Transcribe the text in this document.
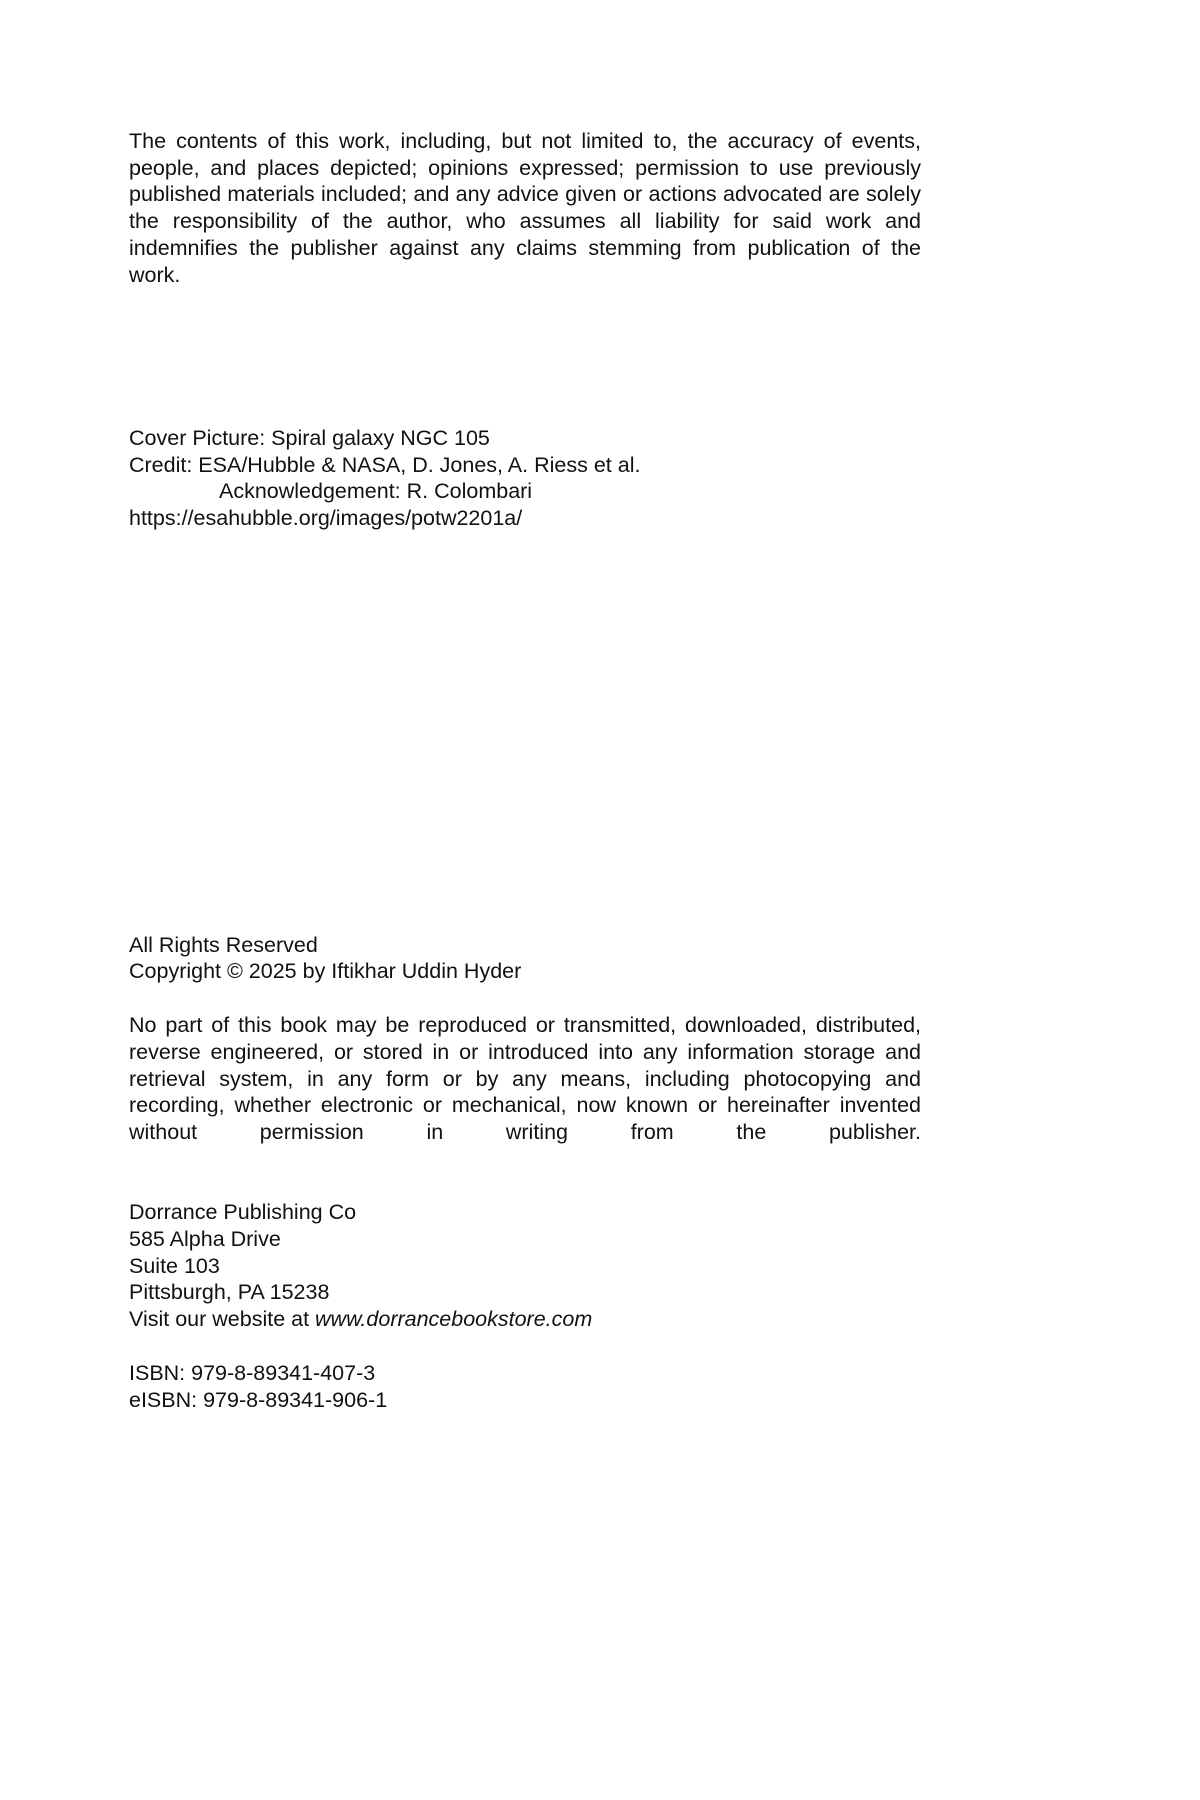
The contents of this work, including, but not limited to, the accuracy of events, people, and places depicted; opinions expressed; permission to use previously published materials included; and any advice given or actions advocated are solely the responsibility of the author, who assumes all liability for said work and indemnifies the publisher against any claims stemming from publication of the work.

Cover Picture: Spiral galaxy NGC 105

Credit: ESA/Hubble & NASA, D. Jones, A. Riess et al.

Acknowledgement: R. Colombari

https://esahubble.org/images/potw2201a/

All Rights Reserved

Copyright © 2025 by Iftikhar Uddin Hyder

No part of this book may be reproduced or transmitted, downloaded, distributed, reverse engineered, or stored in or introduced into any information storage and retrieval system, in any form or by any means, including photocopying and recording, whether electronic or mechanical, now known or hereinafter invented without permission in writing from the publisher.

Dorrance Publishing Co

585 Alpha Drive

Suite 103

Pittsburgh, PA 15238

Visit our website at www.dorrancebookstore.com

ISBN: 979-8-89341-407-3

eISBN: 979-8-89341-906-1
